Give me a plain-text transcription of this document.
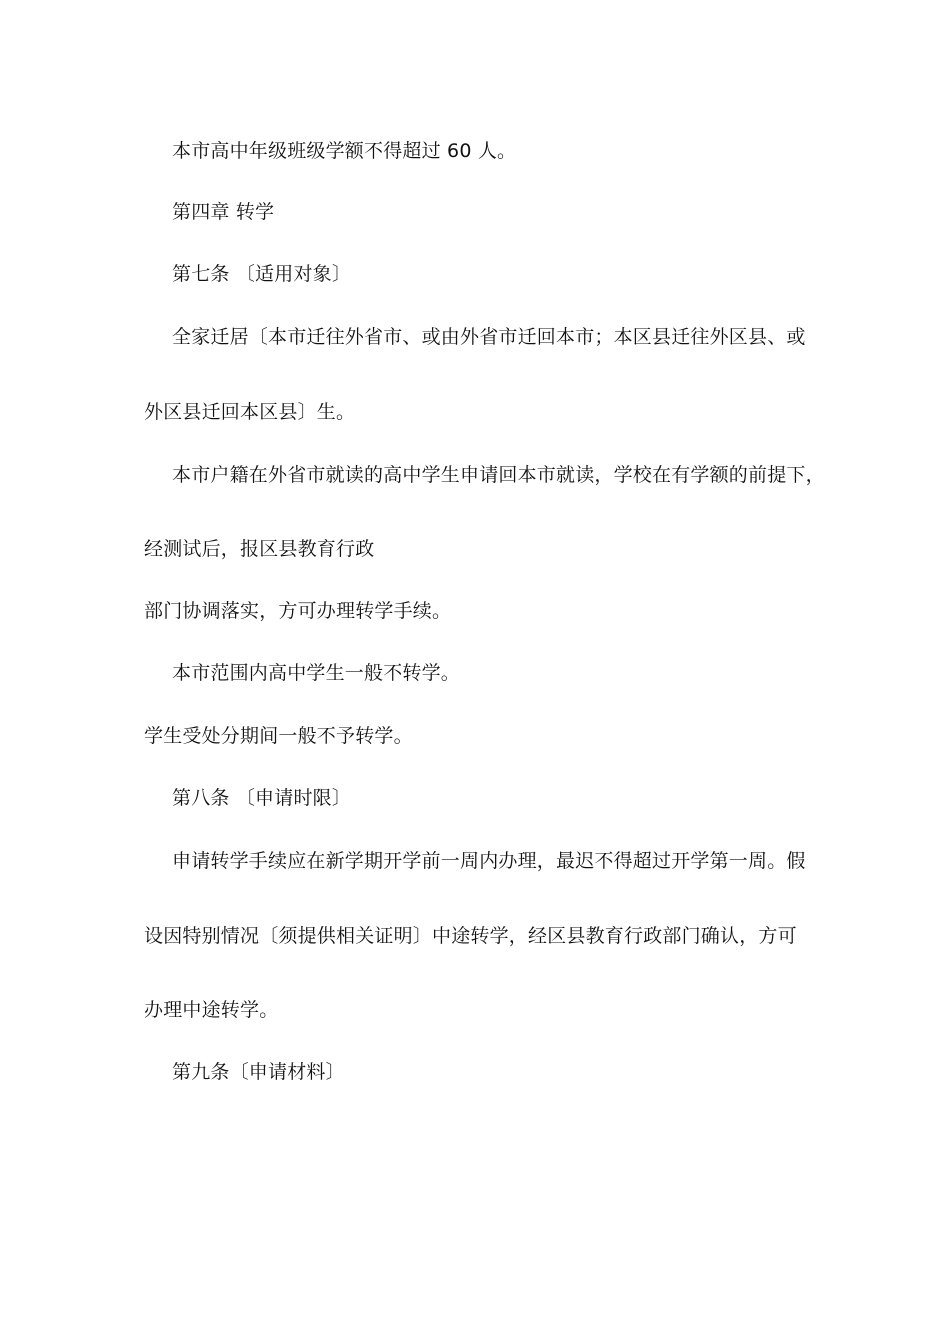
本市高中年级班级学额不得超过 60 人。
第四章 转学
第七条 〔适用对象〕
全家迁居〔本市迁往外省市、或由外省市迁回本市；本区县迁往外区县、或
外区县迁回本区县〕生。
本市户籍在外省市就读的高中学生申请回本市就读，学校在有学额的前提下，
经测试后，报区县教育行政
部门协调落实，方可办理转学手续。
本市范围内高中学生一般不转学。
学生受处分期间一般不予转学。
第八条 〔申请时限〕
申请转学手续应在新学期开学前一周内办理，最迟不得超过开学第一周。假
设因特别情况〔须提供相关证明〕中途转学，经区县教育行政部门确认，方可
办理中途转学。
第九条〔申请材料〕
